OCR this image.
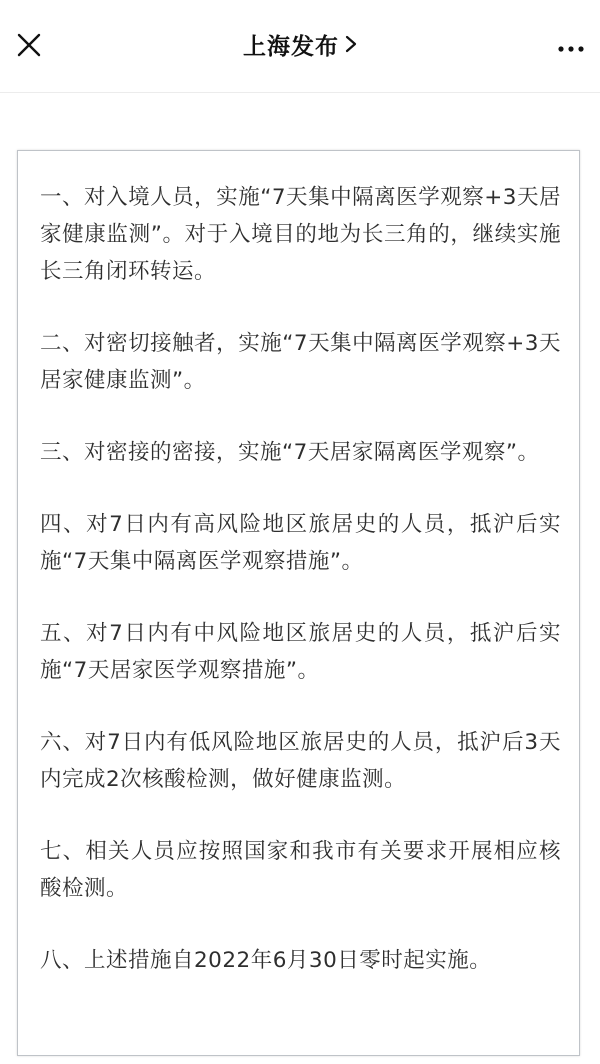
上海发布

一、对入境人员，实施“7天集中隔离医学观察+3天居家健康监测”。对于入境目的地为长三角的，继续实施长三角闭环转运。

二、对密切接触者，实施“7天集中隔离医学观察+3天居家健康监测”。

三、对密接的密接，实施“7天居家隔离医学观察”。

四、对7日内有高风险地区旅居史的人员，抵沪后实施“7天集中隔离医学观察措施”。

五、对7日内有中风险地区旅居史的人员，抵沪后实施“7天居家医学观察措施”。

六、对7日内有低风险地区旅居史的人员，抵沪后3天内完成2次核酸检测，做好健康监测。

七、相关人员应按照国家和我市有关要求开展相应核酸检测。

八、上述措施自2022年6月30日零时起实施。
